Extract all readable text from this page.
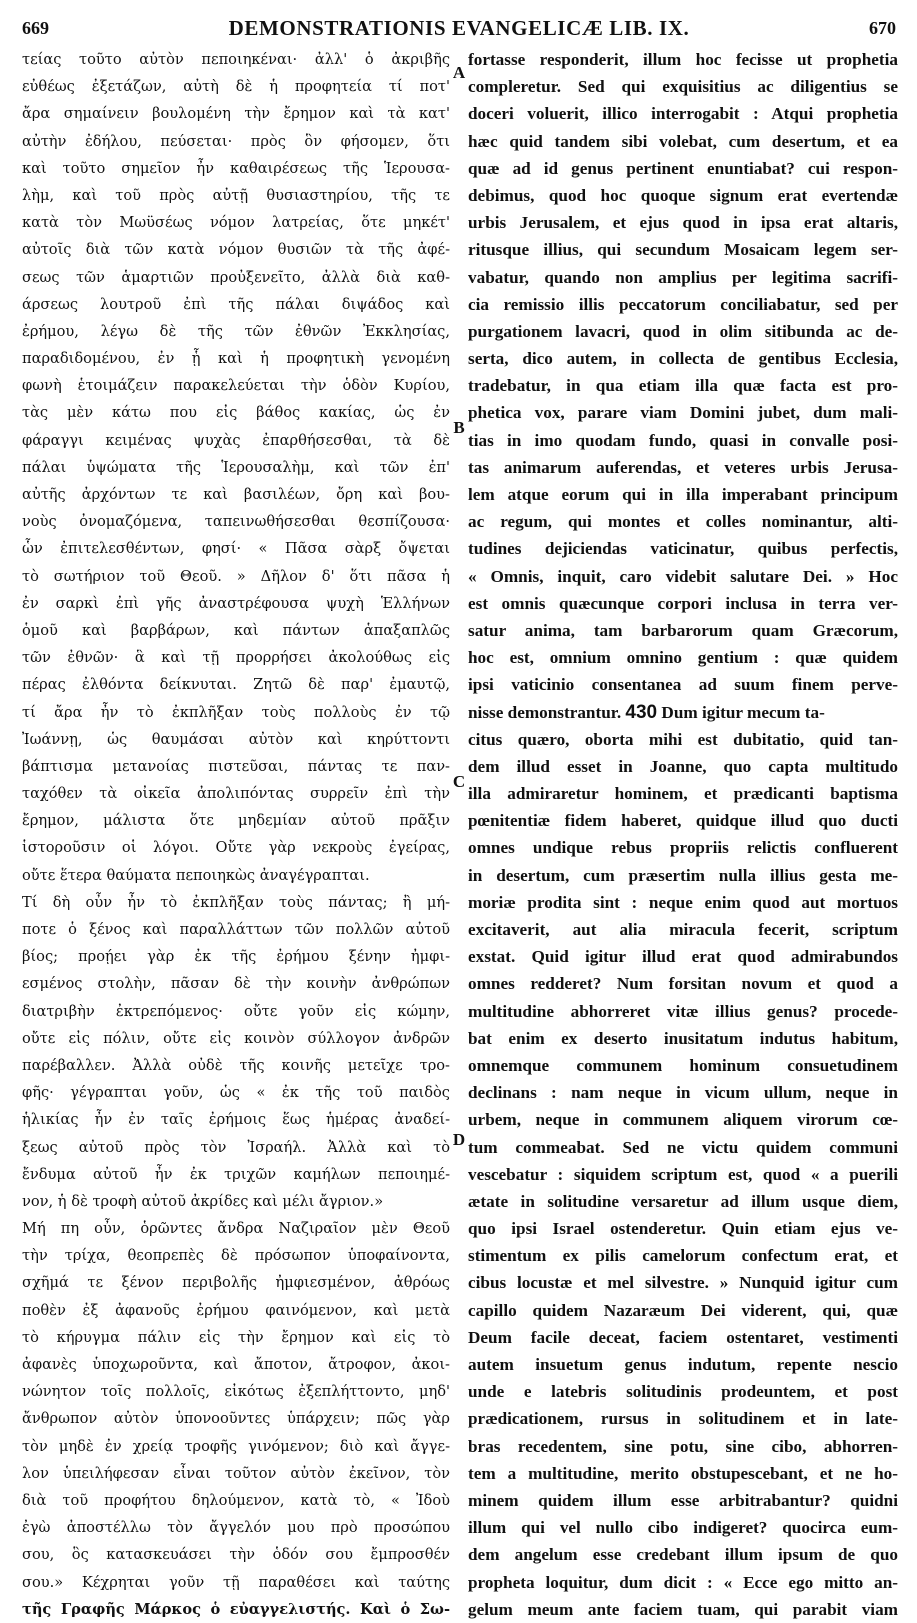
669	DEMONSTRATIONIS EVANGELICÆ LIB. IX.	670
τείας τοῦτο αὐτὸν πεποιηκέναι· ἀλλ' ὁ ἀκριβῆς
εὐθέως ἐξετάζων, αὐτὴ δὲ ἡ προφητεία τί ποτ'
ἄρα σημαίνειν βουλομένη τὴν ἔρημον καὶ τὰ κατ'
αὐτὴν ἐδήλου, πεύσεται· πρὸς ὃν φήσομεν, ὅτι
καὶ τοῦτο σημεῖον ἦν καθαιρέσεως τῆς Ἱερουσα-
λὴμ, καὶ τοῦ πρὸς αὐτῇ θυσιαστηρίου, τῆς τε
κατὰ τὸν Μωϋσέως νόμον λατρείας, ὅτε μηκέτ'
αὐτοῖς διὰ τῶν κατὰ νόμον θυσιῶν τὰ τῆς ἀφέ-
σεως τῶν ἁμαρτιῶν προὐξενεῖτο, ἀλλὰ διὰ καθ-
άρσεως λουτροῦ ἐπὶ τῆς πάλαι διψάδος καὶ
ἐρήμου, λέγω δὲ τῆς τῶν ἐθνῶν Ἐκκλησίας,
παραδιδομένου, ἐν ᾗ καὶ ἡ προφητικὴ γενομένη
φωνὴ ἑτοιμάζειν παρακελεύεται τὴν ὁδὸν Κυρίου,
τὰς μὲν κάτω που εἰς βάθος κακίας, ὡς ἐν
φάραγγι κειμένας ψυχὰς ἐπαρθήσεσθαι, τὰ δὲ
πάλαι ὑψώματα τῆς Ἱερουσαλὴμ, καὶ τῶν ἐπ'
αὐτῆς ἀρχόντων τε καὶ βασιλέων, ὄρη καὶ βου-
νοὺς ὀνομαζόμενα, ταπεινωθήσεσθαι θεσπίζουσα·
ὧν ἐπιτελεσθέντων, φησί· « Πᾶσα σὰρξ ὄψεται
τὸ σωτήριον τοῦ Θεοῦ. » Δῆλον δ' ὅτι πᾶσα ἡ
ἐν σαρκὶ ἐπὶ γῆς ἀναστρέφουσα ψυχὴ Ἑλλήνων
ὁμοῦ καὶ βαρβάρων, καὶ πάντων ἁπαξαπλῶς
τῶν ἐθνῶν· ἃ καὶ τῇ προρρήσει ἀκολούθως εἰς
πέρας ἐλθόντα δείκνυται. Ζητῶ δὲ παρ' ἐμαυτῷ,
τί ἄρα ἦν τὸ ἐκπλῆξαν τοὺς πολλοὺς ἐν τῷ
Ἰωάννῃ, ὡς θαυμάσαι αὐτὸν καὶ κηρύττοντι
βάπτισμα μετανοίας πιστεῦσαι, πάντας τε παν-
ταχόθεν τὰ οἰκεῖα ἀπολιπόντας συρρεῖν ἐπὶ τὴν
ἔρημον, μάλιστα ὅτε μηδεμίαν αὐτοῦ πρᾶξιν
ἱστοροῦσιν οἱ λόγοι. Οὔτε γὰρ νεκροὺς ἐγείρας,
οὔτε ἕτερα θαύματα πεποιηκὼς ἀναγέγραπται.
Τί δὴ οὖν ἦν τὸ ἐκπλῆξαν τοὺς πάντας; ἢ μή-
ποτε ὁ ξένος καὶ παραλλάττων τῶν πολλῶν αὐτοῦ
βίος; προῄει γὰρ ἐκ τῆς ἐρήμου ξένην ἠμφι-
εσμένος στολὴν, πᾶσαν δὲ τὴν κοινὴν ἀνθρώπων
διατριβὴν ἐκτρεπόμενος· οὔτε γοῦν εἰς κώμην,
οὔτε εἰς πόλιν, οὔτε εἰς κοινὸν σύλλογον ἀνδρῶν
παρέβαλλεν. Ἀλλὰ οὐδὲ τῆς κοινῆς μετεῖχε τρο-
φῆς· γέγραπται γοῦν, ὡς « ἐκ τῆς τοῦ παιδὸς
ἡλικίας ἦν ἐν ταῖς ἐρήμοις ἕως ἡμέρας ἀναδεί-
ξεως αὐτοῦ πρὸς τὸν Ἰσραήλ. Ἀλλὰ καὶ τὸ
ἔνδυμα αὐτοῦ ἦν ἐκ τριχῶν καμήλων πεποιημέ-
νον, ἡ δὲ τροφὴ αὐτοῦ ἀκρίδες καὶ μέλι ἄγριον.»
Μή πη οὖν, ὁρῶντες ἄνδρα Ναζιραῖον μὲν Θεοῦ
τὴν τρίχα, θεοπρεπὲς δὲ πρόσωπον ὑποφαίνοντα,
σχῆμά τε ξένον περιβολῆς ἠμφιεσμένον, ἀθρόως
ποθὲν ἐξ ἀφανοῦς ἐρήμου φαινόμενον, καὶ μετὰ
τὸ κήρυγμα πάλιν εἰς τὴν ἔρημον καὶ εἰς τὸ
ἀφανὲς ὑποχωροῦντα, καὶ ἄποτον, ἄτροφον, ἀκοι-
νώνητον τοῖς πολλοῖς, εἰκότως ἐξεπλήττοντο, μηδ'
ἄνθρωπον αὐτὸν ὑπονοοῦντες ὑπάρχειν; πῶς γὰρ
τὸν μηδὲ ἐν χρείᾳ τροφῆς γινόμενον; διὸ καὶ ἄγγε-
λον ὑπειλήφεσαν εἶναι τοῦτον αὐτὸν ἐκεῖνον, τὸν
διὰ τοῦ προφήτου δηλούμενον, κατὰ τὸ, « Ἰδοὺ
ἐγὼ ἀποστέλλω τὸν ἄγγελόν μου πρὸ προσώπου
σου, ὃς κατασκευάσει τὴν ὁδόν σου ἔμπροσθέν
σου.» Κέχρηται γοῦν τῇ παραθέσει καὶ ταύτης
τῆς Γραφῆς Μάρκος ὁ εὐαγγελιστής. Καὶ ὁ Σω-
A
B
C
D
fortasse responderit, illum hoc fecisse ut prophetia
compleretur. Sed qui exquisitius ac diligentius se
doceri voluerit, illico interrogabit : Atqui prophetia
hæc quid tandem sibi volebat, cum desertum, et ea
quæ ad id genus pertinent enuntiabat? cui respon-
debimus, quod hoc quoque signum erat evertendæ
urbis Jerusalem, et ejus quod in ipsa erat altaris,
ritusque illius, qui secundum Mosaicam legem ser-
vabatur, quando non amplius per legitima sacrifi-
cia remissio illis peccatorum conciliabatur, sed per
purgationem lavacri, quod in olim sitibunda ac de-
serta, dico autem, in collecta de gentibus Ecclesia,
tradebatur, in qua etiam illa quæ facta est pro-
phetica vox, parare viam Domini jubet, dum mali-
tias in imo quodam fundo, quasi in convalle posi-
tas animarum auferendas, et veteres urbis Jerusa-
lem atque eorum qui in illa imperabant principum
ac regum, qui montes et colles nominantur, alti-
tudines dejiciendas vaticinatur, quibus perfectis,
« Omnis, inquit, caro videbit salutare Dei. » Hoc
est omnis quæcunque corpori inclusa in terra ver-
satur anima, tam barbarorum quam Græcorum,
hoc est, omnium omnino gentium : quæ quidem
ipsi vaticinio consentanea ad suum finem perve-
nisse demonstrantur. 430 Dum igitur mecum ta-
citus quæro, oborta mihi est dubitatio, quid tan-
dem illud esset in Joanne, quo capta multitudo
illa admiraretur hominem, et prædicanti baptisma
pœnitentiæ fidem haberet, quidque illud quo ducti
omnes undique rebus propriis relictis confluerent
in desertum, cum præsertim nulla illius gesta me-
moriæ prodita sint : neque enim quod aut mortuos
excitaverit, aut alia miracula fecerit, scriptum
exstat. Quid igitur illud erat quod admirabundos
omnes redderet? Num forsitan novum et quod a
multitudine abhorreret vitæ illius genus? procede-
bat enim ex deserto inusitatum indutus habitum,
omnemque communem hominum consuetudinem
declinans : nam neque in vicum ullum, neque in
urbem, neque in communem aliquem virorum cœ-
tum commeabat. Sed ne victu quidem communi
vescebatur : siquidem scriptum est, quod « a puerili
ætate in solitudine versaretur ad illum usque diem,
quo ipsi Israel ostenderetur. Quin etiam ejus ve-
stimentum ex pilis camelorum confectum erat, et
cibus locustæ et mel silvestre. » Nunquid igitur cum
capillo quidem Nazaræum Dei viderent, qui, quæ
Deum facile deceat, faciem ostentaret, vestimenti
autem insuetum genus indutum, repente nescio
unde e latebris solitudinis prodeuntem, et post
prædicationem, rursus in solitudinem et in late-
bras recedentem, sine potu, sine cibo, abhorren-
tem a multitudine, merito obstupescebant, et ne ho-
minem quidem illum esse arbitrabantur? quidni
illum qui vel nullo cibo indigeret? quocirca eum-
dem angelum esse credebant illum ipsum de quo
propheta loquitur, dum dicit : « Ecce ego mitto an-
gelum meum ante faciem tuam, qui parabit viam
